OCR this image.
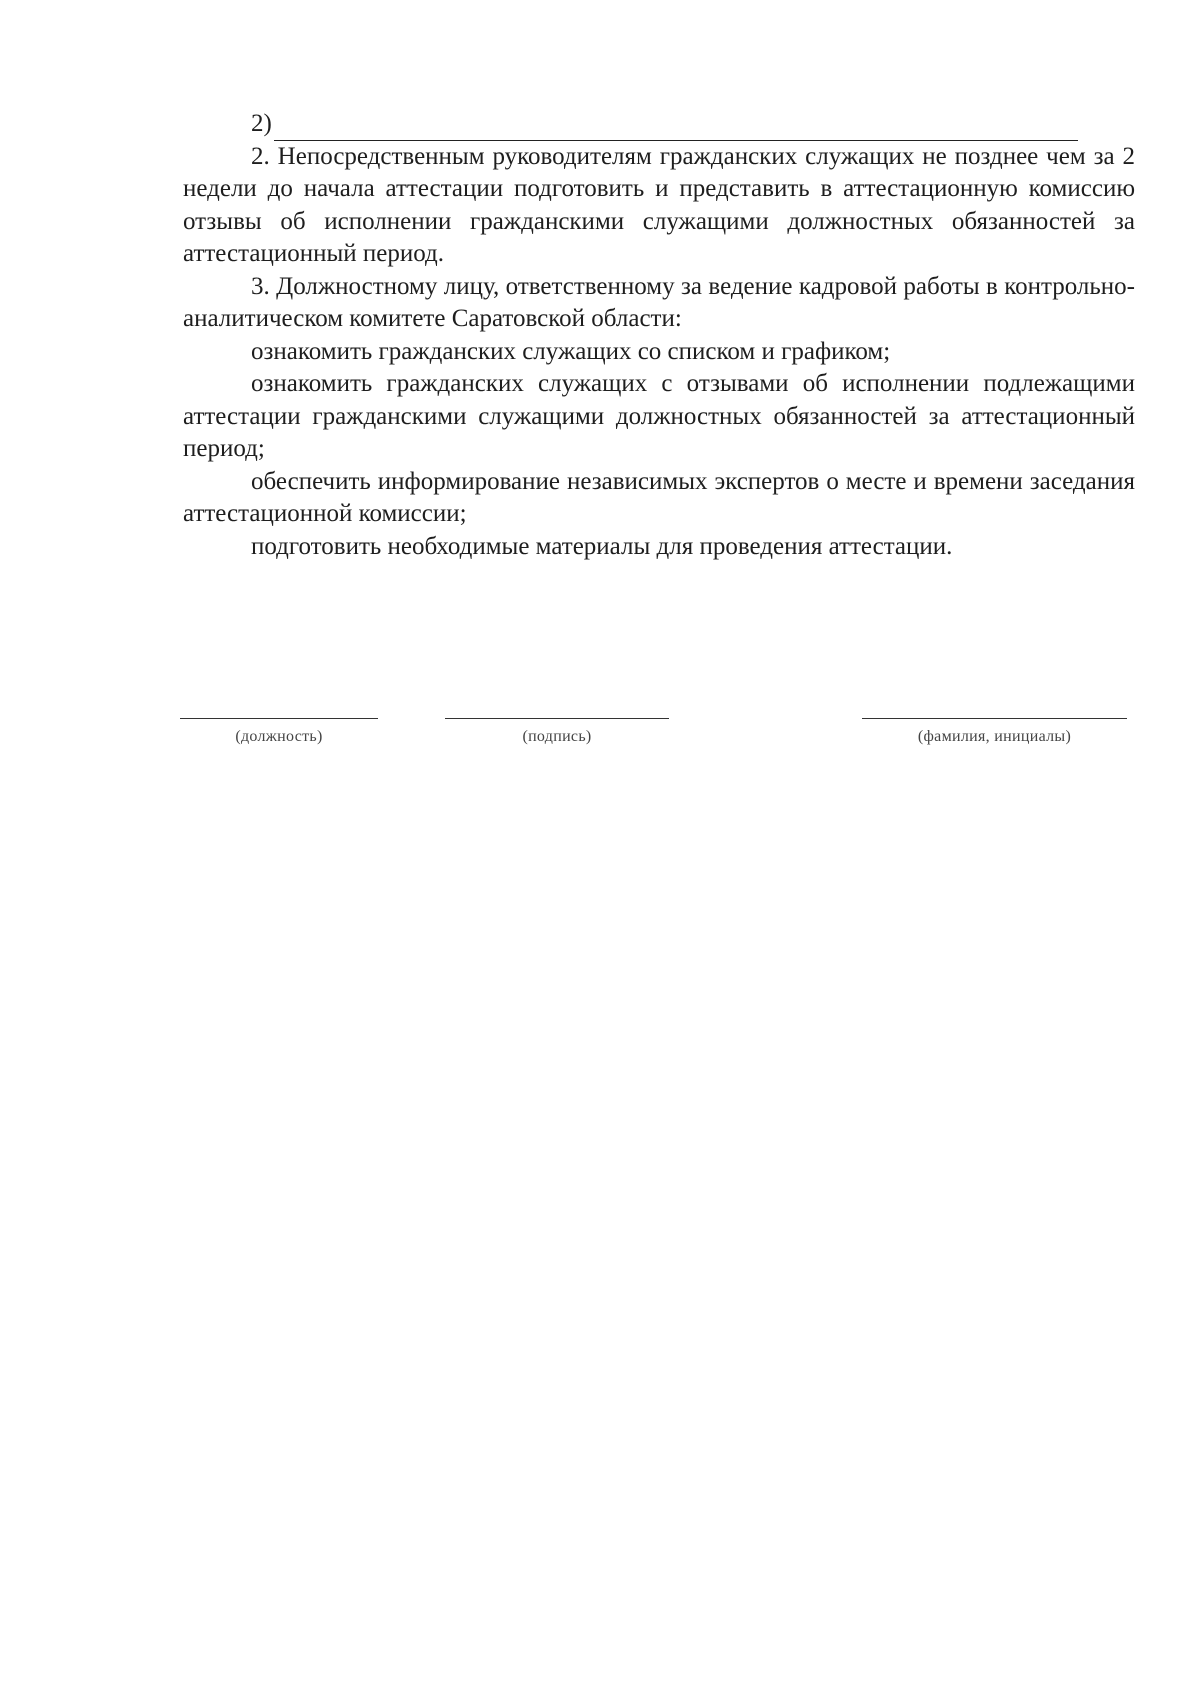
2)

2. Непосредственным руководителям гражданских служащих не позднее чем за 2 недели до начала аттестации подготовить и представить в аттестационную комиссию отзывы об исполнении гражданскими служащими должностных обязанностей за аттестационный период.

3. Должностному лицу, ответственному за ведение кадровой работы в контрольно-аналитическом комитете Саратовской области:

ознакомить гражданских служащих со списком и графиком;

ознакомить гражданских служащих с отзывами об исполнении подлежащими аттестации гражданскими служащими должностных обязанностей за аттестационный период;

обеспечить информирование независимых экспертов о месте и времени заседания аттестационной комиссии;

подготовить необходимые материалы для проведения аттестации.

(должность)	(подпись)	(фамилия, инициалы)
